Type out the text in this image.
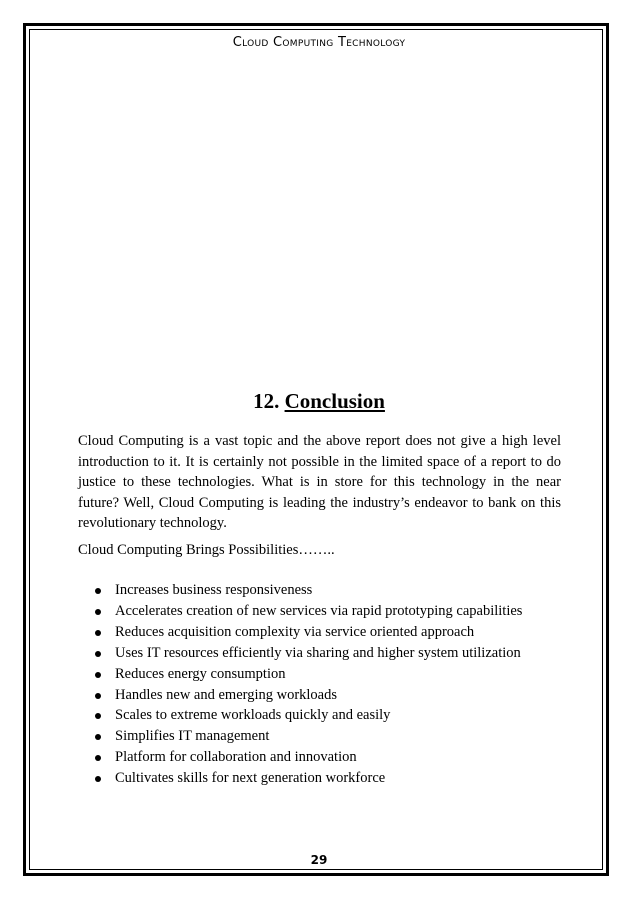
Cloud Computing Technology
12. Conclusion

Cloud Computing is a vast topic and the above report does not give a high level introduction to it. It is certainly not possible in the limited space of a report to do justice to these technologies. What is in store for this technology in the near future? Well, Cloud Computing is leading the industry’s endeavor to bank on this revolutionary technology.

Cloud Computing Brings Possibilities……..

Increases business responsiveness
Accelerates creation of new services via rapid prototyping capabilities
Reduces acquisition complexity via service oriented approach
Uses IT resources efficiently via sharing and higher system utilization
Reduces energy consumption
Handles new and emerging workloads
Scales to extreme workloads quickly and easily
Simplifies IT management
Platform for collaboration and innovation
Cultivates skills for next generation workforce
29
